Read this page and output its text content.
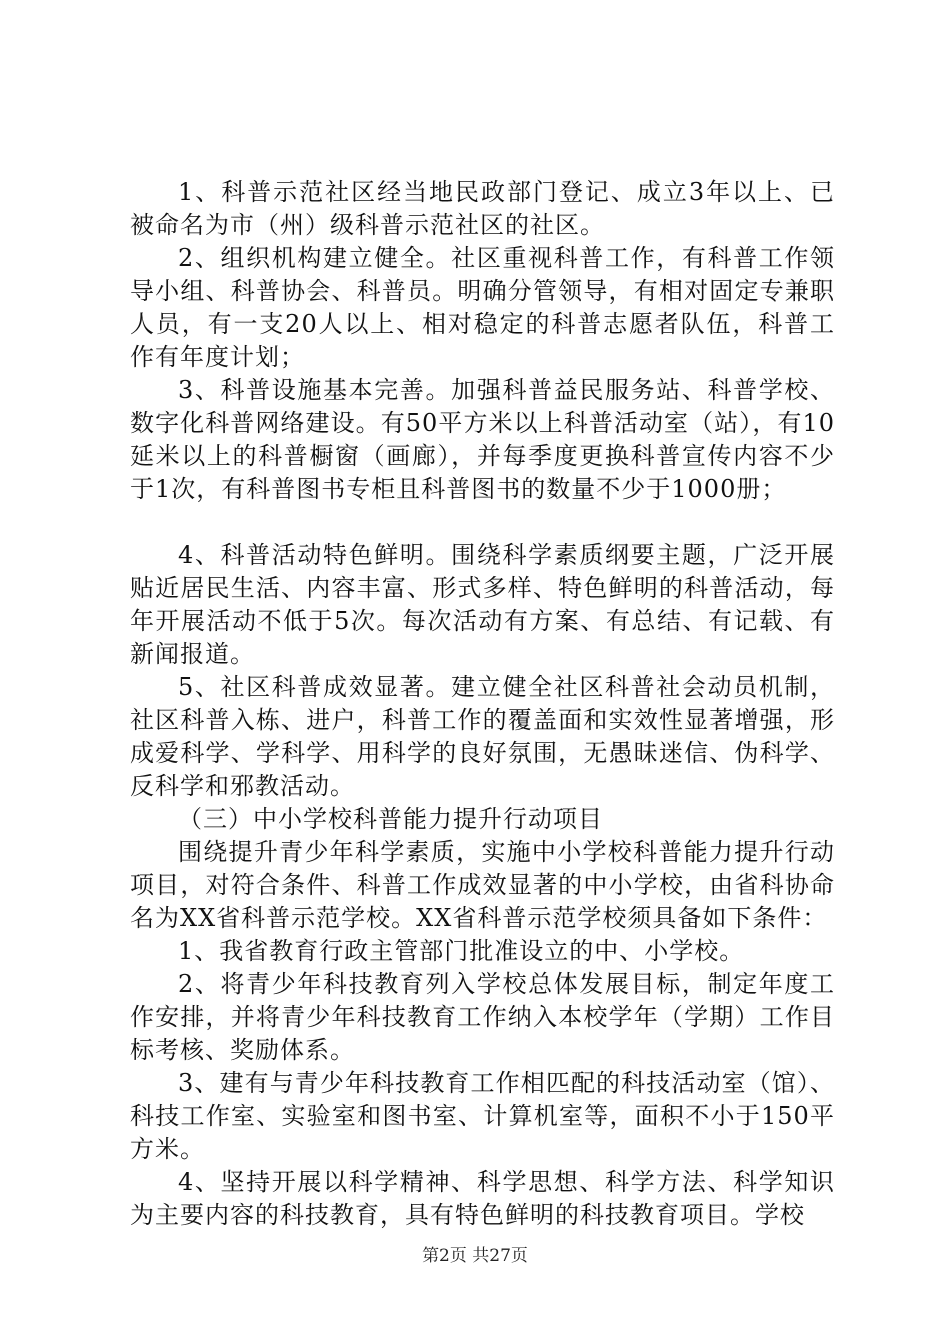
1、科普示范社区经当地民政部门登记、成立3年以上、已被命名为市（州）级科普示范社区的社区。

2、组织机构建立健全。社区重视科普工作，有科普工作领导小组、科普协会、科普员。明确分管领导，有相对固定专兼职人员，有一支20人以上、相对稳定的科普志愿者队伍，科普工作有年度计划；

3、科普设施基本完善。加强科普益民服务站、科普学校、数字化科普网络建设。有50平方米以上科普活动室（站），有10延米以上的科普橱窗（画廊），并每季度更换科普宣传内容不少于1次，有科普图书专柜且科普图书的数量不少于1000册；

4、科普活动特色鲜明。围绕科学素质纲要主题，广泛开展贴近居民生活、内容丰富、形式多样、特色鲜明的科普活动，每年开展活动不低于5次。每次活动有方案、有总结、有记载、有新闻报道。

5、社区科普成效显著。建立健全社区科普社会动员机制，社区科普入栋、进户，科普工作的覆盖面和实效性显著增强，形成爱科学、学科学、用科学的良好氛围，无愚昧迷信、伪科学、反科学和邪教活动。

（三）中小学校科普能力提升行动项目

围绕提升青少年科学素质，实施中小学校科普能力提升行动项目，对符合条件、科普工作成效显著的中小学校，由省科协命名为XX省科普示范学校。XX省科普示范学校须具备如下条件：

1、我省教育行政主管部门批准设立的中、小学校。

2、将青少年科技教育列入学校总体发展目标，制定年度工作安排，并将青少年科技教育工作纳入本校学年（学期）工作目标考核、奖励体系。

3、建有与青少年科技教育工作相匹配的科技活动室（馆）、科技工作室、实验室和图书室、计算机室等，面积不小于150平方米。

4、坚持开展以科学精神、科学思想、科学方法、科学知识为主要内容的科技教育，具有特色鲜明的科技教育项目。学校

第2页 共27页
